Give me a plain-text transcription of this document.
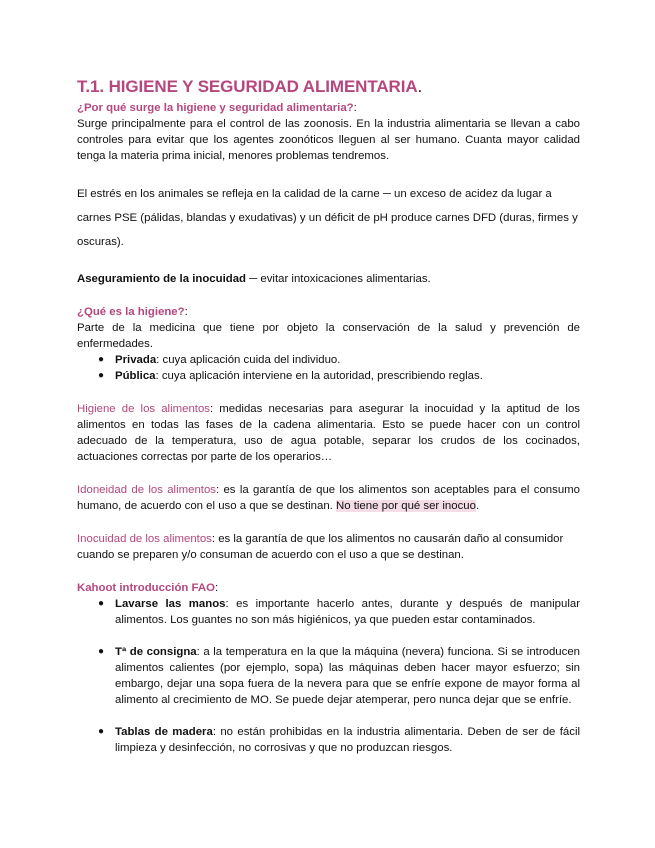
T.1. HIGIENE Y SEGURIDAD ALIMENTARIA.

¿Por qué surge la higiene y seguridad alimentaria?:

Surge principalmente para el control de las zoonosis. En la industria alimentaria se llevan a cabo controles para evitar que los agentes zoonóticos lleguen al ser humano. Cuanta mayor calidad tenga la materia prima inicial, menores problemas tendremos.

El estrés en los animales se refleja en la calidad de la carne ─ un exceso de acidez da lugar a carnes PSE (pálidas, blandas y exudativas) y un déficit de pH produce carnes DFD (duras, firmes y oscuras).

Aseguramiento de la inocuidad ─ evitar intoxicaciones alimentarias.

¿Qué es la higiene?:

Parte de la medicina que tiene por objeto la conservación de la salud y prevención de enfermedades.

● Privada: cuya aplicación cuida del individuo.
● Pública: cuya aplicación interviene en la autoridad, prescribiendo reglas.

Higiene de los alimentos: medidas necesarias para asegurar la inocuidad y la aptitud de los alimentos en todas las fases de la cadena alimentaria. Esto se puede hacer con un control adecuado de la temperatura, uso de agua potable, separar los crudos de los cocinados, actuaciones correctas por parte de los operarios…

Idoneidad de los alimentos: es la garantía de que los alimentos son aceptables para el consumo humano, de acuerdo con el uso a que se destinan. No tiene por qué ser inocuo.

Inocuidad de los alimentos: es la garantía de que los alimentos no causarán daño al consumidor cuando se preparen y/o consuman de acuerdo con el uso a que se destinan.

Kahoot introducción FAO:

● Lavarse las manos: es importante hacerlo antes, durante y después de manipular alimentos. Los guantes no son más higiénicos, ya que pueden estar contaminados.
● Tª de consigna: a la temperatura en la que la máquina (nevera) funciona. Si se introducen alimentos calientes (por ejemplo, sopa) las máquinas deben hacer mayor esfuerzo; sin embargo, dejar una sopa fuera de la nevera para que se enfríe expone de mayor forma al alimento al crecimiento de MO. Se puede dejar atemperar, pero nunca dejar que se enfríe.
● Tablas de madera: no están prohibidas en la industria alimentaria. Deben de ser de fácil limpieza y desinfección, no corrosivas y que no produzcan riesgos.
